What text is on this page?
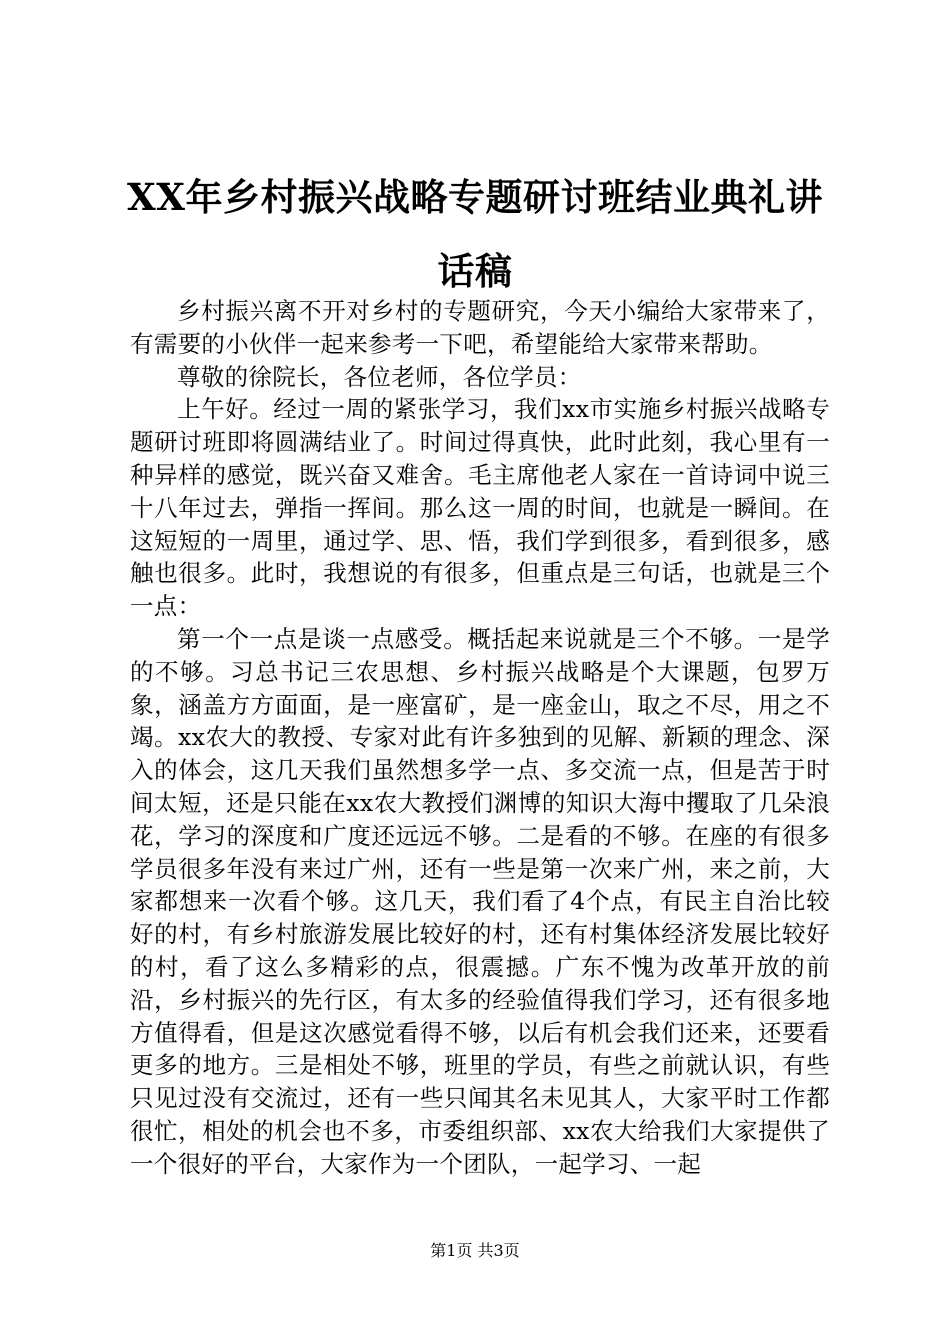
XX年乡村振兴战略专题研讨班结业典礼讲话稿

乡村振兴离不开对乡村的专题研究，今天小编给大家带来了，有需要的小伙伴一起来参考一下吧，希望能给大家带来帮助。

尊敬的徐院长，各位老师，各位学员：

上午好。经过一周的紧张学习，我们xx市实施乡村振兴战略专题研讨班即将圆满结业了。时间过得真快，此时此刻，我心里有一种异样的感觉，既兴奋又难舍。毛主席他老人家在一首诗词中说三十八年过去，弹指一挥间。那么这一周的时间，也就是一瞬间。在这短短的一周里，通过学、思、悟，我们学到很多，看到很多，感触也很多。此时，我想说的有很多，但重点是三句话，也就是三个一点：

第一个一点是谈一点感受。概括起来说就是三个不够。一是学的不够。习总书记三农思想、乡村振兴战略是个大课题，包罗万象，涵盖方方面面，是一座富矿，是一座金山，取之不尽，用之不竭。xx农大的教授、专家对此有许多独到的见解、新颖的理念、深入的体会，这几天我们虽然想多学一点、多交流一点，但是苦于时间太短，还是只能在xx农大教授们渊博的知识大海中攫取了几朵浪花，学习的深度和广度还远远不够。二是看的不够。在座的有很多学员很多年没有来过广州，还有一些是第一次来广州，来之前，大家都想来一次看个够。这几天，我们看了4个点，有民主自治比较好的村，有乡村旅游发展比较好的村，还有村集体经济发展比较好的村，看了这么多精彩的点，很震撼。广东不愧为改革开放的前沿，乡村振兴的先行区，有太多的经验值得我们学习，还有很多地方值得看，但是这次感觉看得不够，以后有机会我们还来，还要看更多的地方。三是相处不够，班里的学员，有些之前就认识，有些只见过没有交流过，还有一些只闻其名未见其人，大家平时工作都很忙，相处的机会也不多，市委组织部、xx农大给我们大家提供了一个很好的平台，大家作为一个团队，一起学习、一起

第1页 共3页
